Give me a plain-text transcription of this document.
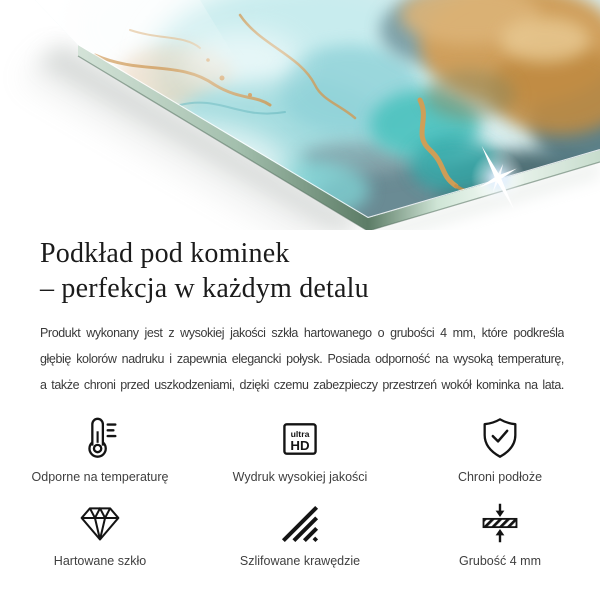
Podkład pod kominek
– perfekcja w każdym detalu
Produkt wykonany jest z wysokiej jakości szkła hartowanego o grubości 4 mm, które podkreśla
głębię kolorów nadruku i zapewnia elegancki połysk. Posiada odporność na wysoką temperaturę,
a także chroni przed uszkodzeniami, dzięki czemu zabezpieczy przestrzeń wokół kominka na lata.
Odporne na temperaturę
ultra
HD
Wydruk wysokiej jakości	Chroni podłoże
Hartowane szkło	Szlifowane krawędzie	Grubość 4 mm
